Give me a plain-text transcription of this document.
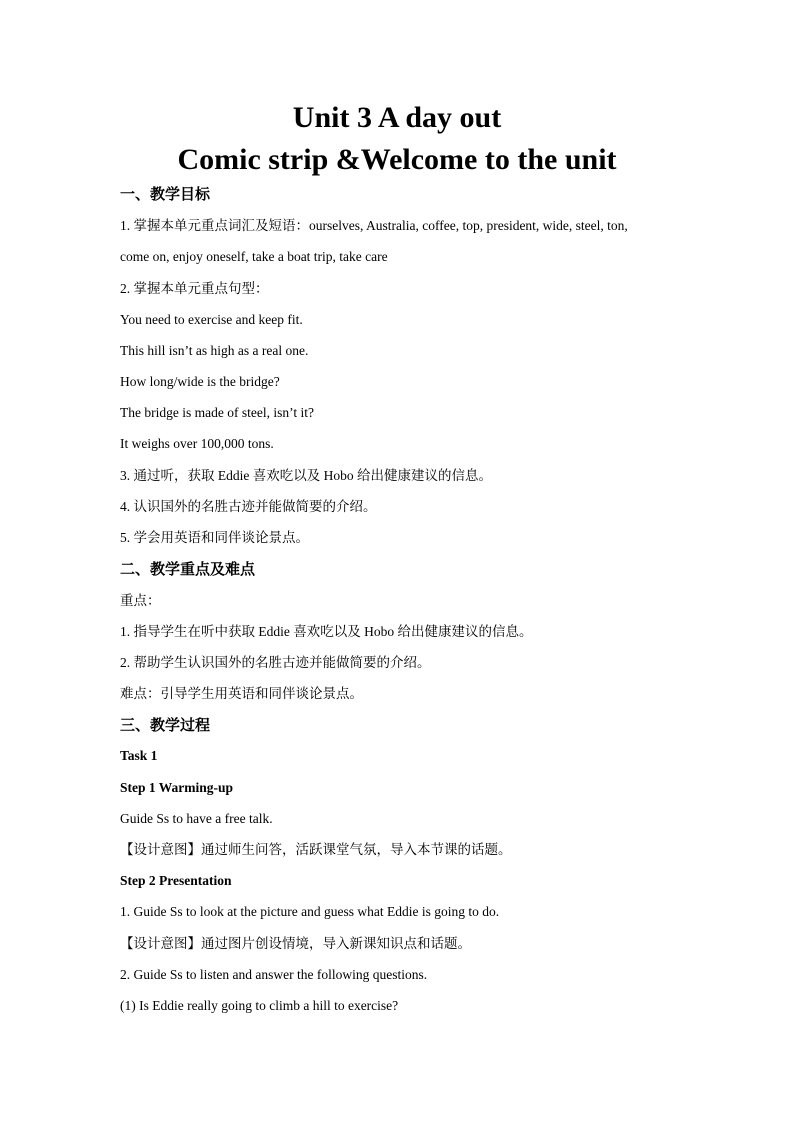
Unit 3 A day out
Comic strip &Welcome to the unit
一、教学目标
1. 掌握本单元重点词汇及短语：ourselves, Australia, coffee, top, president, wide, steel, ton,
come on, enjoy oneself, take a boat trip, take care
2. 掌握本单元重点句型：
You need to exercise and keep fit.
This hill isn’t as high as a real one.
How long/wide is the bridge?
The bridge is made of steel, isn’t it?
It weighs over 100,000 tons.
3. 通过听，获取 Eddie 喜欢吃以及 Hobo 给出健康建议的信息。
4. 认识国外的名胜古迹并能做简要的介绍。
5. 学会用英语和同伴谈论景点。
二、教学重点及难点
重点：
1. 指导学生在听中获取 Eddie 喜欢吃以及 Hobo 给出健康建议的信息。
2. 帮助学生认识国外的名胜古迹并能做简要的介绍。
难点：引导学生用英语和同伴谈论景点。
三、教学过程
Task 1
Step 1 Warming-up
Guide Ss to have a free talk.
【设计意图】通过师生问答，活跃课堂气氛，导入本节课的话题。
Step 2 Presentation
1. Guide Ss to look at the picture and guess what Eddie is going to do.
【设计意图】通过图片创设情境，导入新课知识点和话题。
2. Guide Ss to listen and answer the following questions.
(1) Is Eddie really going to climb a hill to exercise?
